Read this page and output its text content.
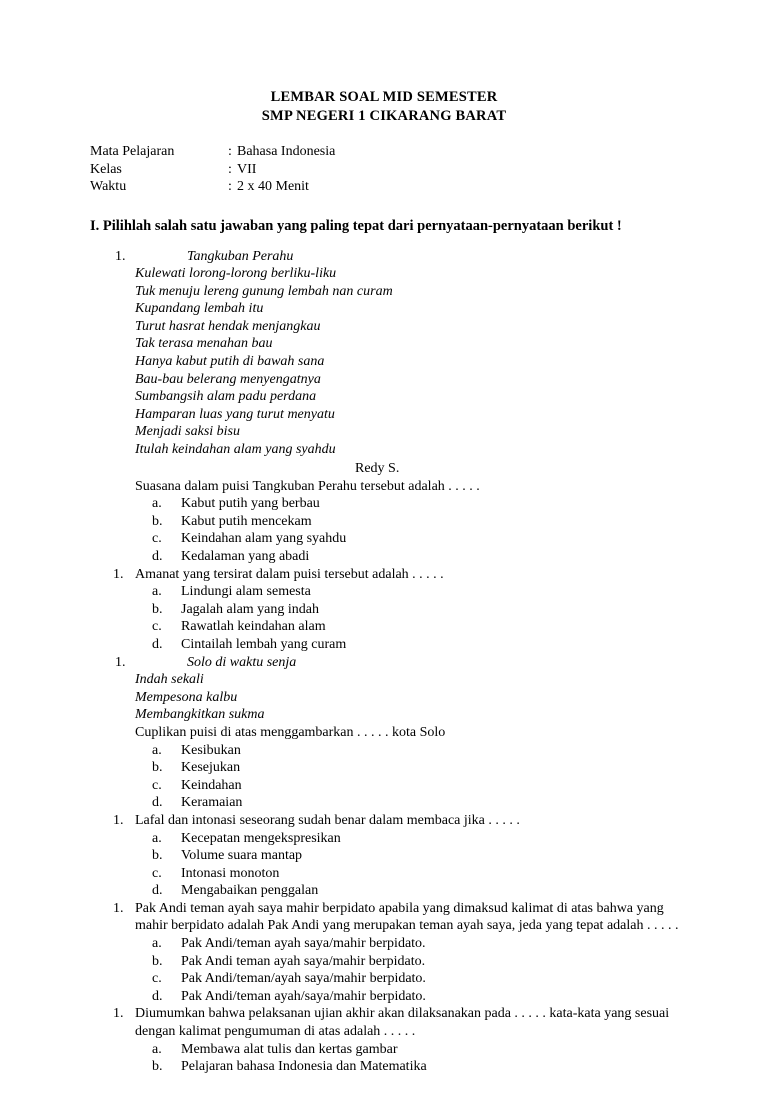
LEMBAR SOAL MID SEMESTER
SMP NEGERI 1 CIKARANG BARAT
Mata Pelajaran	: Bahasa Indonesia
Kelas	: VII
Waktu	: 2 x 40 Menit
I. Pilihlah salah satu jawaban yang paling tepat dari pernyataan-pernyataan berikut !
1.	Tangkuban Perahu
Kulewati lorong-lorong berliku-liku
Tuk menuju lereng gunung lembah nan curam
Kupandang lembah itu
Turut hasrat hendak menjangkau
Tak terasa menahan bau
Hanya kabut putih di bawah sana
Bau-bau belerang menyengatnya
Sumbangsih alam padu perdana
Hamparan luas yang turut menyatu
Menjadi saksi bisu
Itulah keindahan alam yang syahdu
Redy S.
Suasana dalam puisi Tangkuban Perahu tersebut adalah . . . . .
a. Kabut putih yang berbau
b. Kabut putih mencekam
c. Keindahan alam yang syahdu
d. Kedalaman yang abadi
1. Amanat yang tersirat dalam puisi tersebut adalah . . . . .
a. Lindungi alam semesta
b. Jagalah alam yang indah
c. Rawatlah keindahan alam
d. Cintailah lembah yang curam
1.	Solo di waktu senja
Indah sekali
Mempesona kalbu
Membangkitkan sukma
Cuplikan puisi di atas menggambarkan . . . . . kota Solo
a. Kesibukan
b. Kesejukan
c. Keindahan
d. Keramaian
1. Lafal dan intonasi seseorang sudah benar dalam membaca jika . . . . .
a. Kecepatan mengekspresikan
b. Volume suara mantap
c. Intonasi monoton
d. Mengabaikan penggalan
1. Pak Andi teman ayah saya mahir berpidato apabila yang dimaksud kalimat di atas bahwa yang mahir berpidato adalah Pak Andi yang merupakan teman ayah saya, jeda yang tepat adalah . . . . .
a. Pak Andi/teman ayah saya/mahir berpidato.
b. Pak Andi teman ayah saya/mahir berpidato.
c. Pak Andi/teman/ayah saya/mahir berpidato.
d. Pak Andi/teman ayah/saya/mahir berpidato.
1. Diumumkan bahwa pelaksanan ujian akhir akan dilaksanakan pada . . . . . kata-kata yang sesuai dengan kalimat pengumuman di atas adalah . . . . .
a. Membawa alat tulis dan kertas gambar
b. Pelajaran bahasa Indonesia dan Matematika
